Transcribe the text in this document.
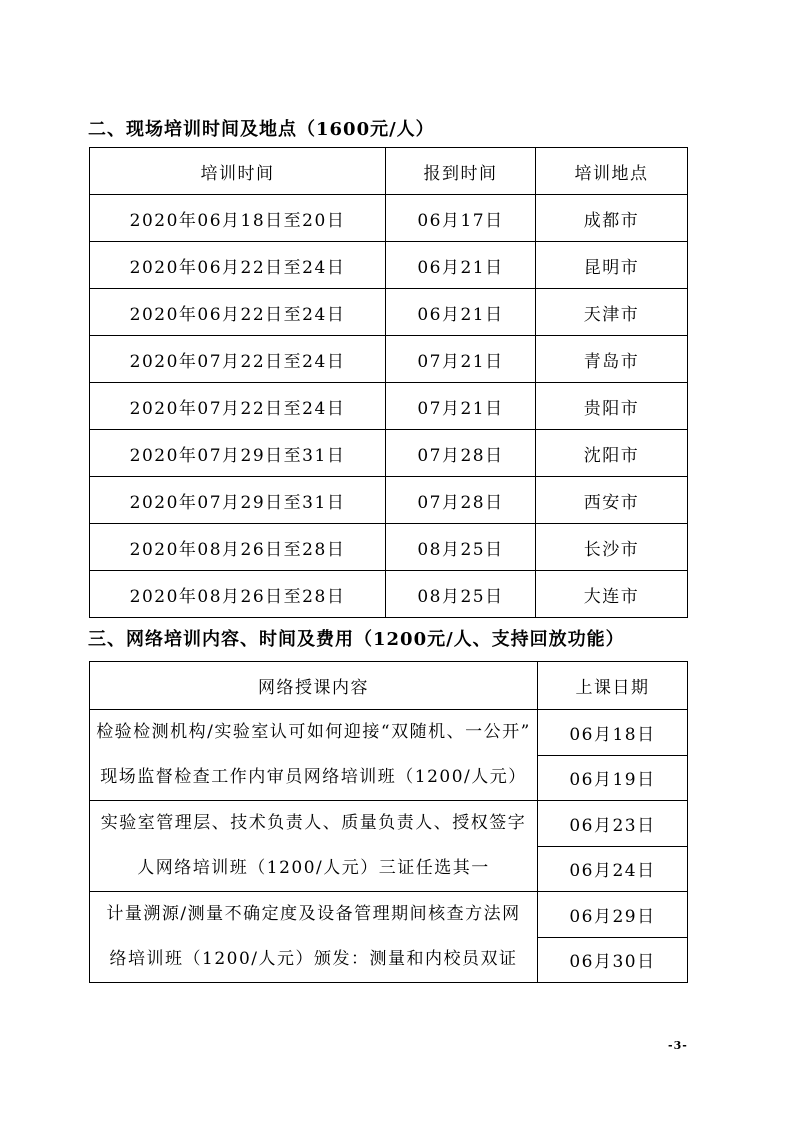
二、现场培训时间及地点（1600元/人）
培训时间	报到时间	培训地点
2020年06月18日至20日	06月17日	成都市
2020年06月22日至24日	06月21日	昆明市
2020年06月22日至24日	06月21日	天津市
2020年07月22日至24日	07月21日	青岛市
2020年07月22日至24日	07月21日	贵阳市
2020年07月29日至31日	07月28日	沈阳市
2020年07月29日至31日	07月28日	西安市
2020年08月26日至28日	08月25日	长沙市
2020年08月26日至28日	08月25日	大连市
三、网络培训内容、时间及费用（1200元/人、支持回放功能）
网络授课内容	上课日期

检验检测机构/实验室认可如何迎接“双随机、一公开”
现场监督检查工作内审员网络培训班（1200/人元）	06月18日
	06月19日

实验室管理层、技术负责人、质量负责人、授权签字
人网络培训班（1200/人元）三证任选其一	06月23日
	06月24日

计量溯源/测量不确定度及设备管理期间核查方法网
络培训班（1200/人元）颁发：测量和内校员双证	06月29日
	06月30日
-3-
